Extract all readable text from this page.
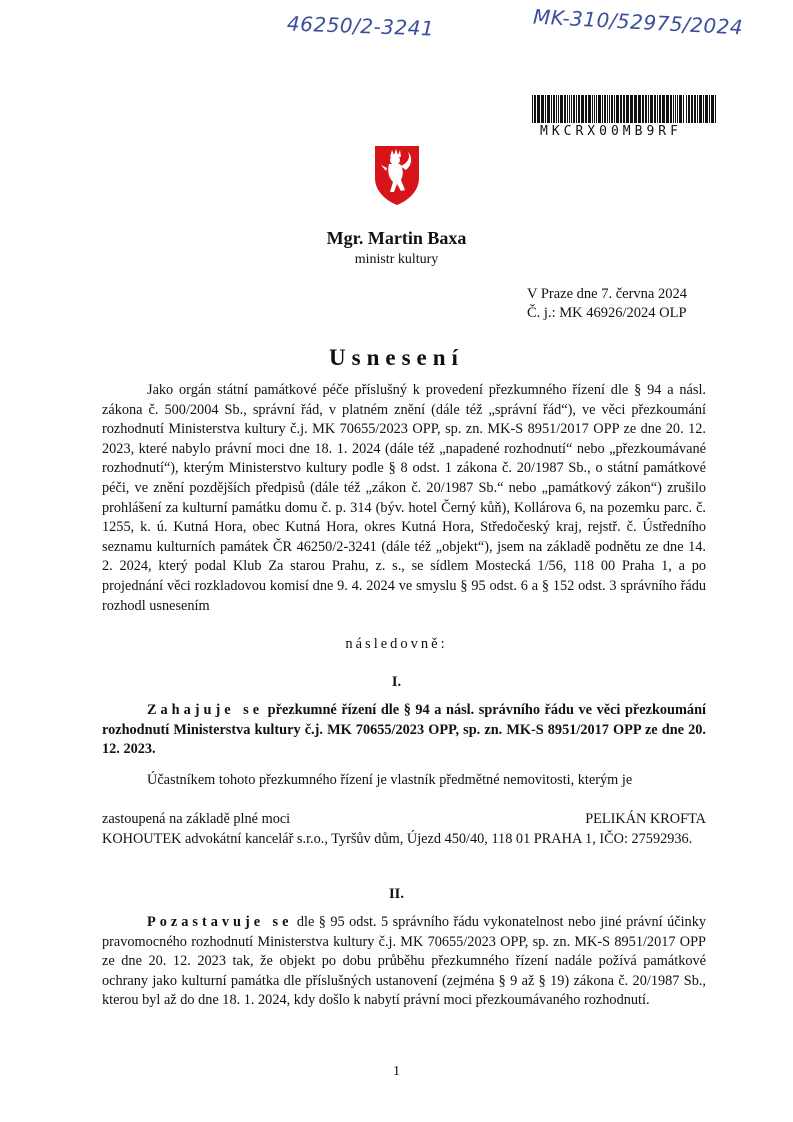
46250/2-3241	MK-310/52975/2024
MKCRX00MB9RF
Mgr. Martin Baxa
ministr kultury
V Praze dne 7. června 2024
Č. j.: MK 46926/2024 OLP
Usnesení

Jako orgán státní památkové péče příslušný k provedení přezkumného řízení dle § 94 a násl. zákona č. 500/2004 Sb., správní řád, v platném znění (dále též „správní řád“), ve věci přezkoumání rozhodnutí Ministerstva kultury č.j. MK 70655/2023 OPP, sp. zn. MK-S 8951/2017 OPP ze dne 20. 12. 2023, které nabylo právní moci dne 18. 1. 2024 (dále též „napadené rozhodnutí“ nebo „přezkoumávané rozhodnutí“), kterým Ministerstvo kultury podle § 8 odst. 1 zákona č. 20/1987 Sb., o státní památkové péči, ve znění pozdějších předpisů (dále též „zákon č. 20/1987 Sb.“ nebo „památkový zákon“) zrušilo prohlášení za kulturní památku domu č. p. 314 (býv. hotel Černý kůň), Kollárova 6, na pozemku parc. č. 1255, k. ú. Kutná Hora, obec Kutná Hora, okres Kutná Hora, Středočeský kraj, rejstř. č. Ústředního seznamu kulturních památek ČR 46250/2-3241 (dále též „objekt“), jsem na základě podnětu ze dne 14. 2. 2024, který podal Klub Za starou Prahu, z. s., se sídlem Mostecká 1/56, 118 00 Praha 1, a po projednání věci rozkladovou komisí dne 9. 4. 2024 ve smyslu § 95 odst. 6 a § 152 odst. 3 správního řádu rozhodl usnesením

následovně:
I.

Zahajuje se přezkumné řízení dle § 94 a násl. správního řádu ve věci přezkoumání rozhodnutí Ministerstva kultury č.j. MK 70655/2023 OPP, sp. zn. MK-S 8951/2017 OPP ze dne 20. 12. 2023.

Účastníkem tohoto přezkumného řízení je vlastník předmětné nemovitosti, kterým je

zastoupená na základě plné moci	PELIKÁN KROFTA
KOHOUTEK advokátní kancelář s.r.o., Tyršův dům, Újezd 450/40, 118 01 PRAHA 1, IČO: 27592936.
II.

Pozastavuje se dle § 95 odst. 5 správního řádu vykonatelnost nebo jiné právní účinky pravomocného rozhodnutí Ministerstva kultury č.j. MK 70655/2023 OPP, sp. zn. MK-S 8951/2017 OPP ze dne 20. 12. 2023 tak, že objekt po dobu průběhu přezkumného řízení nadále požívá památkové ochrany jako kulturní památka dle příslušných ustanovení (zejména § 9 až § 19) zákona č. 20/1987 Sb., kterou byl až do dne 18. 1. 2024, kdy došlo k nabytí právní moci přezkoumávaného rozhodnutí.

1
